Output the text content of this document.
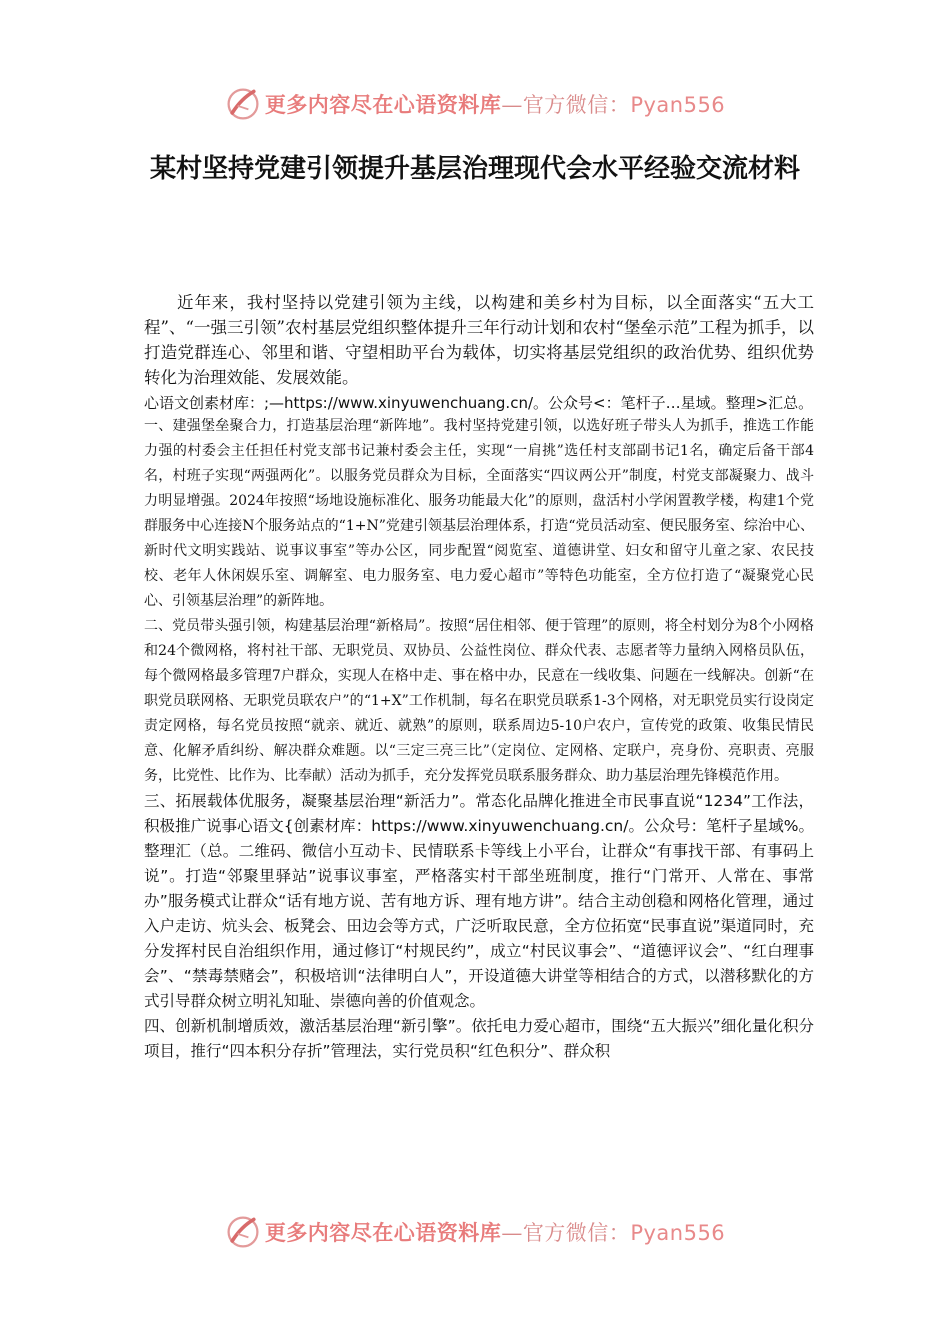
更多内容尽在心语资料库—官方微信：Pyan556
某村坚持党建引领提升基层治理现代会水平经验交流材料

近年来，我村坚持以党建引领为主线，以构建和美乡村为目标，以全面落实“五大工程”、“一强三引领”农村基层党组织整体提升三年行动计划和农村“堡垒示范”工程为抓手，以打造党群连心、邻里和谐、守望相助平台为载体，切实将基层党组织的政治优势、组织优势转化为治理效能、发展效能。

心语文创素材库：;—https://www.xinyuwenchuang.cn/。公众号<：笔杆子…星域。整理>汇总。

一、建强堡垒聚合力，打造基层治理“新阵地”。我村坚持党建引领，以选好班子带头人为抓手，推选工作能力强的村委会主任担任村党支部书记兼村委会主任，实现“一肩挑”选任村支部副书记1名，确定后备干部4名，村班子实现“两强两化”。以服务党员群众为目标，全面落实“四议两公开”制度，村党支部凝聚力、战斗力明显增强。2024年按照“场地设施标准化、服务功能最大化”的原则，盘活村小学闲置教学楼，构建1个党群服务中心连接N个服务站点的“1+N”党建引领基层治理体系，打造“党员活动室、便民服务室、综治中心、新时代文明实践站、说事议事室”等办公区，同步配置“阅览室、道德讲堂、妇女和留守儿童之家、农民技校、老年人休闲娱乐室、调解室、电力服务室、电力爱心超市”等特色功能室，全方位打造了“凝聚党心民心、引领基层治理”的新阵地。

二、党员带头强引领，构建基层治理“新格局”。按照“居住相邻、便于管理”的原则，将全村划分为8个小网格和24个微网格，将村社干部、无职党员、双协员、公益性岗位、群众代表、志愿者等力量纳入网格员队伍，每个微网格最多管理7户群众，实现人在格中走、事在格中办，民意在一线收集、问题在一线解决。创新“在职党员联网格、无职党员联农户”的“1+X”工作机制，每名在职党员联系1-3个网格，对无职党员实行设岗定责定网格，每名党员按照“就亲、就近、就熟”的原则，联系周边5-10户农户，宣传党的政策、收集民情民意、化解矛盾纠纷、解决群众难题。以“三定三亮三比”（定岗位、定网格、定联户，亮身份、亮职责、亮服务，比党性、比作为、比奉献）活动为抓手，充分发挥党员联系服务群众、助力基层治理先锋模范作用。

三、拓展载体优服务，凝聚基层治理“新活力”。常态化品牌化推进全市民事直说“1234”工作法，积极推广说事心语文{创素材库：https://www.xinyuwenchuang.cn/。公众号：笔杆子星域%。整理汇（总。二维码、微信小互动卡、民情联系卡等线上小平台，让群众“有事找干部、有事码上说”。打造“邻聚里驿站”说事议事室，严格落实村干部坐班制度，推行“门常开、人常在、事常办”服务模式让群众“话有地方说、苦有地方诉、理有地方讲”。结合主动创稳和网格化管理，通过入户走访、炕头会、板凳会、田边会等方式，广泛听取民意，全方位拓宽“民事直说”渠道同时，充分发挥村民自治组织作用，通过修订“村规民约”，成立“村民议事会”、“道德评议会”、“红白理事会”、“禁毒禁赌会”，积极培训“法律明白人”，开设道德大讲堂等相结合的方式，以潜移默化的方式引导群众树立明礼知耻、崇德向善的价值观念。

四、创新机制增质效，激活基层治理“新引擎”。依托电力爱心超市，围绕“五大振兴”细化量化积分项目，推行“四本积分存折”管理法，实行党员积“红色积分”、群众积

更多内容尽在心语资料库—官方微信：Pyan556
